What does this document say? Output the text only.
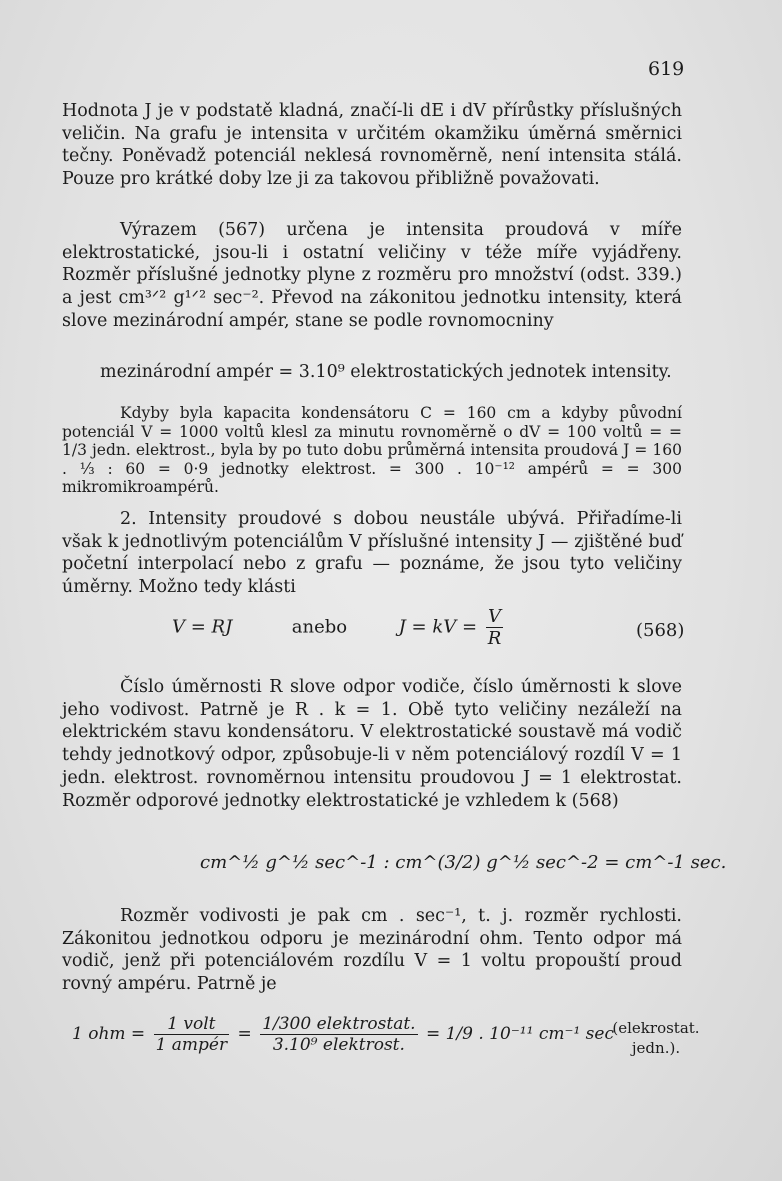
619

Hodnota J je v podstatě kladná, značí-li dE i dV přírůstky příslušných veličin. Na grafu je intensita v určitém okamžiku úměrná směrnici tečny. Poněvadž potenciál neklesá rovnoměrně, není intensita stálá. Pouze pro krátké doby lze ji za takovou přibližně považovati.

Výrazem (567) určena je intensita proudová v míře elektrostatické, jsou-li i ostatní veličiny v téže míře vyjádřeny. Rozměr příslušné jednotky plyne z rozměru pro množství (odst. 339.) a jest cm³ᐟ² g¹ᐟ² sec⁻². Převod na zákonitou jednotku intensity, která slove mezinárodní ampér, stane se podle rovnomocniny

mezinárodní ampér = 3.10⁹ elektrostatických jednotek intensity.

Kdyby byla kapacita kondensátoru C = 160 cm a kdyby původní potenciál V = 1000 voltů klesl za minutu rovnoměrně o dV = 100 voltů = = 1/3 jedn. elektrost., byla by po tuto dobu průměrná intensita proudová J = 160 . ⅓ : 60 = 0·9 jednotky elektrost. = 300 . 10⁻¹² ampérů = = 300 mikromikroampérů.

2. Intensity proudové s dobou neustále ubývá. Přiřadíme-li však k jednotlivým potenciálům V příslušné intensity J — zjištěné buď početní interpolací nebo z grafu — poznáme, že jsou tyto veličiny úměrny. Možno tedy klásti

V = RJ	anebo	J = kV = $\frac{V}{R}$	(568)

Číslo úměrnosti R slove odpor vodiče, číslo úměrnosti k slove jeho vodivost. Patrně je R . k = 1. Obě tyto veličiny nezáleží na elektrickém stavu kondensátoru. V elektrostatické soustavě má vodič tehdy jednotkový odpor, způsobuje-li v něm potenciálový rozdíl V = 1 jedn. elektrost. rovnoměrnou intensitu proudovou J = 1 elektrostat. Rozměr odporové jednotky elektrostatické je vzhledem k (568)

cm^½ g^½ sec^-1 : cm^(3/2) g^½ sec^-2 = cm^-1 sec.

Rozměr vodivosti je pak cm . sec⁻¹, t. j. rozměr rychlosti. Zákonitou jednotkou odporu je mezinárodní ohm. Tento odpor má vodič, jenž při potenciálovém rozdílu V = 1 voltu propouští proud rovný ampéru. Patrně je

1 ohm = $\frac{\text{1 volt}}{\text{1 ampér}} = \frac{\text{1/300 elektrostat.}}{\text{3.10⁹ elektrost.}} = 1/9$ . 10⁻¹¹ cm⁻¹ sec
(elekrostat. jedn.).
